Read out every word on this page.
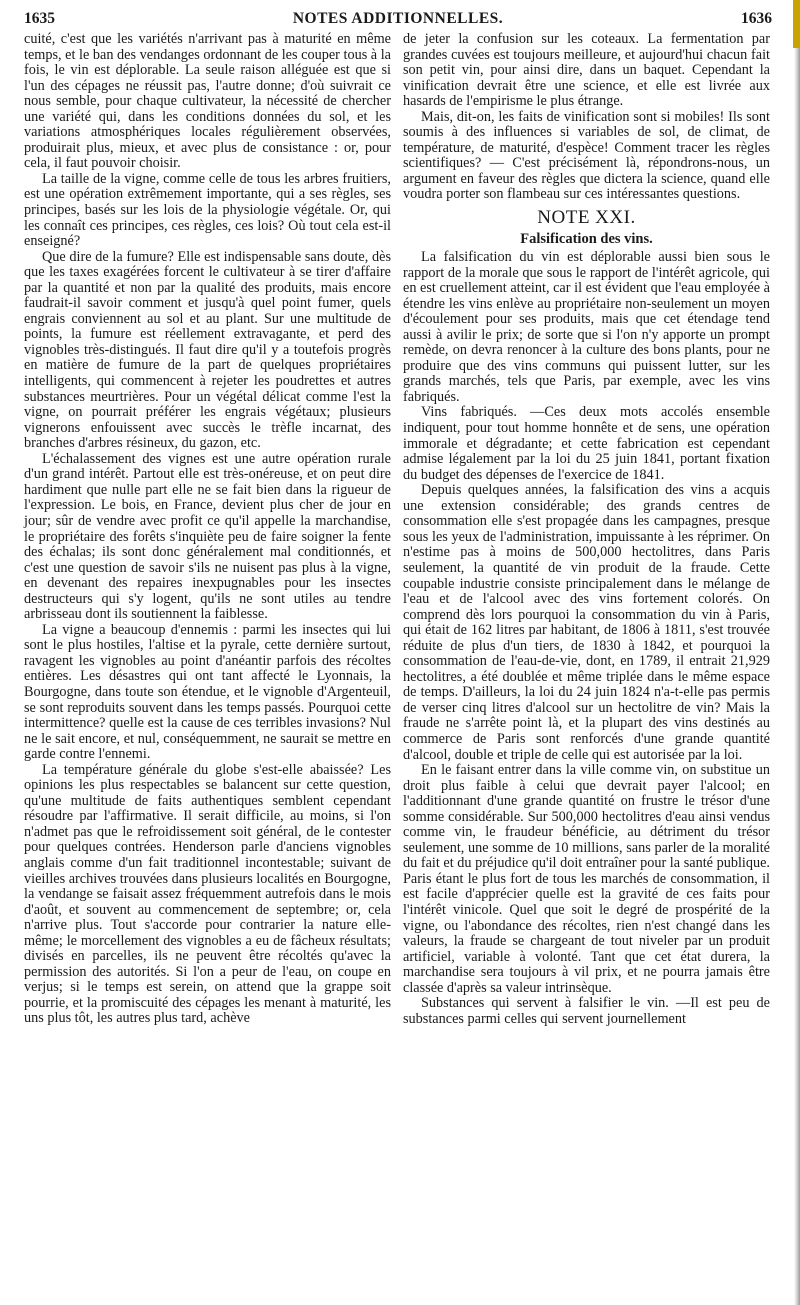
1635	NOTES ADDITIONNELLES.	1636

cuité, c'est que les variétés n'arrivant pas à maturité en même temps, et le ban des vendanges ordonnant de les couper tous à la fois, le vin est déplorable. La seule raison alléguée est que si l'un des cépages ne réussit pas, l'autre donne; d'où suivrait ce nous semble, pour chaque cultivateur, la nécessité de chercher une variété qui, dans les conditions données du sol, et les variations atmosphériques locales régulièrement observées, produirait plus, mieux, et avec plus de consistance : or, pour cela, il faut pouvoir choisir.

La taille de la vigne, comme celle de tous les arbres fruitiers, est une opération extrêmement importante, qui a ses règles, ses principes, basés sur les lois de la physiologie végétale. Or, qui les connaît ces principes, ces règles, ces lois? Où tout cela est-il enseigné?

Que dire de la fumure? Elle est indispensable sans doute, dès que les taxes exagérées forcent le cultivateur à se tirer d'affaire par la quantité et non par la qualité des produits, mais encore faudrait-il savoir comment et jusqu'à quel point fumer, quels engrais conviennent au sol et au plant. Sur une multitude de points, la fumure est réellement extravagante, et perd des vignobles très-distingués. Il faut dire qu'il y a toutefois progrès en matière de fumure de la part de quelques propriétaires intelligents, qui commencent à rejeter les poudrettes et autres substances meurtrières. Pour un végétal délicat comme l'est la vigne, on pourrait préférer les engrais végétaux; plusieurs vignerons enfouissent avec succès le trèfle incarnat, des branches d'arbres résineux, du gazon, etc.

L'échalassement des vignes est une autre opération rurale d'un grand intérêt. Partout elle est très-onéreuse, et on peut dire hardiment que nulle part elle ne se fait bien dans la rigueur de l'expression. Le bois, en France, devient plus cher de jour en jour; sûr de vendre avec profit ce qu'il appelle la marchandise, le propriétaire des forêts s'inquiète peu de faire soigner la fente des échalas; ils sont donc généralement mal conditionnés, et c'est une question de savoir s'ils ne nuisent pas plus à la vigne, en devenant des repaires inexpugnables pour les insectes destructeurs qui s'y logent, qu'ils ne sont utiles au tendre arbrisseau dont ils soutiennent la faiblesse.

La vigne a beaucoup d'ennemis : parmi les insectes qui lui sont le plus hostiles, l'altise et la pyrale, cette dernière surtout, ravagent les vignobles au point d'anéantir parfois des récoltes entières. Les désastres qui ont tant affecté le Lyonnais, la Bourgogne, dans toute son étendue, et le vignoble d'Argenteuil, se sont reproduits souvent dans les temps passés. Pourquoi cette intermittence? quelle est la cause de ces terribles invasions? Nul ne le sait encore, et nul, conséquemment, ne saurait se mettre en garde contre l'ennemi.

La température générale du globe s'est-elle abaissée? Les opinions les plus respectables se balancent sur cette question, qu'une multitude de faits authentiques semblent cependant résoudre par l'affirmative. Il serait difficile, au moins, si l'on n'admet pas que le refroidissement soit général, de le contester pour quelques contrées. Henderson parle d'anciens vignobles anglais comme d'un fait traditionnel incontestable; suivant de vieilles archives trouvées dans plusieurs localités en Bourgogne, la vendange se faisait assez fréquemment autrefois dans le mois d'août, et souvent au commencement de septembre; or, cela n'arrive plus. Tout s'accorde pour contrarier la nature elle-même; le morcellement des vignobles a eu de fâcheux résultats; divisés en parcelles, ils ne peuvent être récoltés qu'avec la permission des autorités. Si l'on a peur de l'eau, on coupe en verjus; si le temps est serein, on attend que la grappe soit pourrie, et la promiscuité des cépages les menant à maturité, les uns plus tôt, les autres plus tard, achève

de jeter la confusion sur les coteaux. La fermentation par grandes cuvées est toujours meilleure, et aujourd'hui chacun fait son petit vin, pour ainsi dire, dans un baquet. Cependant la vinification devrait être une science, et elle est livrée aux hasards de l'empirisme le plus étrange.

Mais, dit-on, les faits de vinification sont si mobiles! Ils sont soumis à des influences si variables de sol, de climat, de température, de maturité, d'espèce! Comment tracer les règles scientifiques? — C'est précisément là, répondrons-nous, un argument en faveur des règles que dictera la science, quand elle voudra porter son flambeau sur ces intéressantes questions.

NOTE XXI.
Falsification des vins.

La falsification du vin est déplorable aussi bien sous le rapport de la morale que sous le rapport de l'intérêt agricole, qui en est cruellement atteint, car il est évident que l'eau employée à étendre les vins enlève au propriétaire non-seulement un moyen d'écoulement pour ses produits, mais que cet étendage tend aussi à avilir le prix; de sorte que si l'on n'y apporte un prompt remède, on devra renoncer à la culture des bons plants, pour ne produire que des vins communs qui puissent lutter, sur les grands marchés, tels que Paris, par exemple, avec les vins fabriqués.

Vins fabriqués. —Ces deux mots accolés ensemble indiquent, pour tout homme honnête et de sens, une opération immorale et dégradante; et cette fabrication est cependant admise légalement par la loi du 25 juin 1841, portant fixation du budget des dépenses de l'exercice de 1841.

Depuis quelques années, la falsification des vins a acquis une extension considérable; des grands centres de consommation elle s'est propagée dans les campagnes, presque sous les yeux de l'administration, impuissante à les réprimer. On n'estime pas à moins de 500,000 hectolitres, dans Paris seulement, la quantité de vin produit de la fraude. Cette coupable industrie consiste principalement dans le mélange de l'eau et de l'alcool avec des vins fortement colorés. On comprend dès lors pourquoi la consommation du vin à Paris, qui était de 162 litres par habitant, de 1806 à 1811, s'est trouvée réduite de plus d'un tiers, de 1830 à 1842, et pourquoi la consommation de l'eau-de-vie, dont, en 1789, il entrait 21,929 hectolitres, a été doublée et même triplée dans le même espace de temps. D'ailleurs, la loi du 24 juin 1824 n'a-t-elle pas permis de verser cinq litres d'alcool sur un hectolitre de vin? Mais la fraude ne s'arrête point là, et la plupart des vins destinés au commerce de Paris sont renforcés d'une grande quantité d'alcool, double et triple de celle qui est autorisée par la loi.

En le faisant entrer dans la ville comme vin, on substitue un droit plus faible à celui que devrait payer l'alcool; en l'additionnant d'une grande quantité on frustre le trésor d'une somme considérable. Sur 500,000 hectolitres d'eau ainsi vendus comme vin, le fraudeur bénéficie, au détriment du trésor seulement, une somme de 10 millions, sans parler de la moralité du fait et du préjudice qu'il doit entraîner pour la santé publique. Paris étant le plus fort de tous les marchés de consommation, il est facile d'apprécier quelle est la gravité de ces faits pour l'intérêt vinicole. Quel que soit le degré de prospérité de la vigne, ou l'abondance des récoltes, rien n'est changé dans les valeurs, la fraude se chargeant de tout niveler par un produit artificiel, variable à volonté. Tant que cet état durera, la marchandise sera toujours à vil prix, et ne pourra jamais être classée d'après sa valeur intrinsèque.

Substances qui servent à falsifier le vin. —Il est peu de substances parmi celles qui servent journellement
